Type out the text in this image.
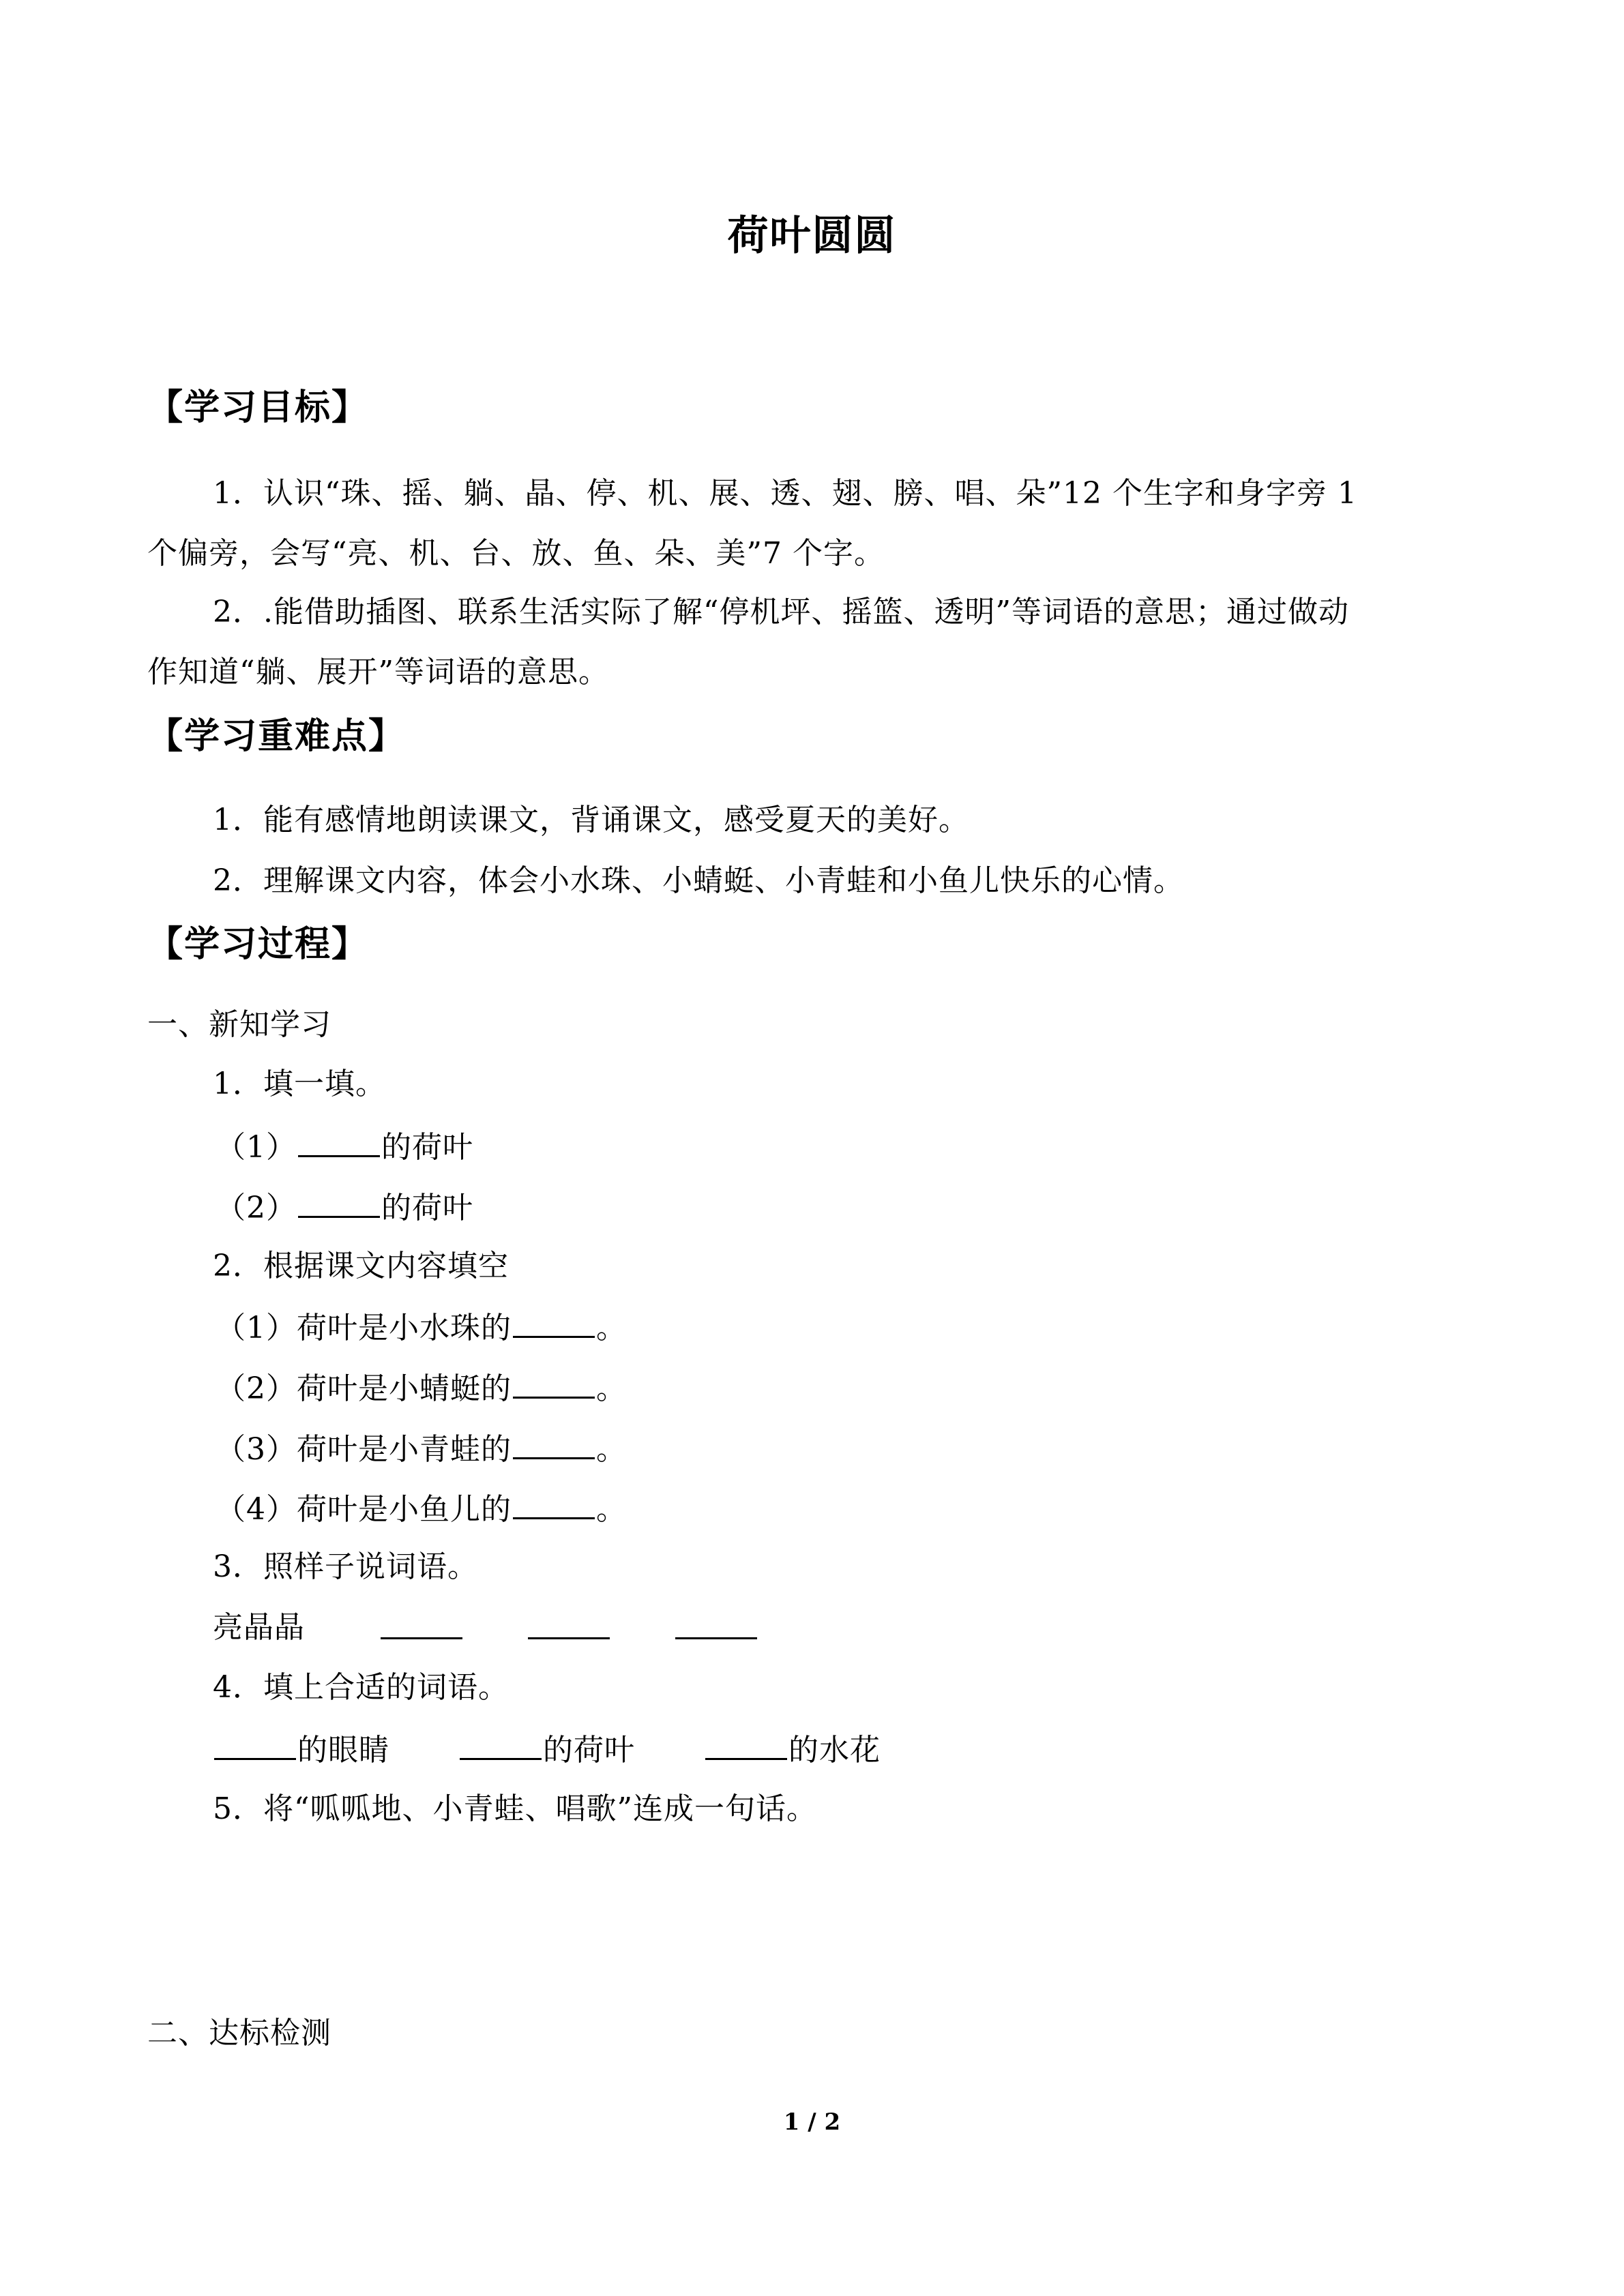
荷叶圆圆
【学习目标】
1．认识“珠、摇、躺、晶、停、机、展、透、翅、膀、唱、朵”12 个生字和身字旁 1
个偏旁，会写“亮、机、台、放、鱼、朵、美”7 个字。
2．.能借助插图、联系生活实际了解“停机坪、摇篮、透明”等词语的意思；通过做动
作知道“躺、展开”等词语的意思。
【学习重难点】
1．能有感情地朗读课文，背诵课文，感受夏天的美好。
2．理解课文内容，体会小水珠、小蜻蜓、小青蛙和小鱼儿快乐的心情。
【学习过程】
一、新知学习
1．填一填。
（1）	的荷叶
（2）	的荷叶
2．根据课文内容填空
（1）荷叶是小水珠的	。
（2）荷叶是小蜻蜓的	。
（3）荷叶是小青蛙的	。
（4）荷叶是小鱼儿的	。
3．照样子说词语。
亮晶晶
4．填上合适的词语。
的眼睛	的荷叶	的水花
5．将“呱呱地、小青蛙、唱歌”连成一句话。
二、达标检测
1 / 2
